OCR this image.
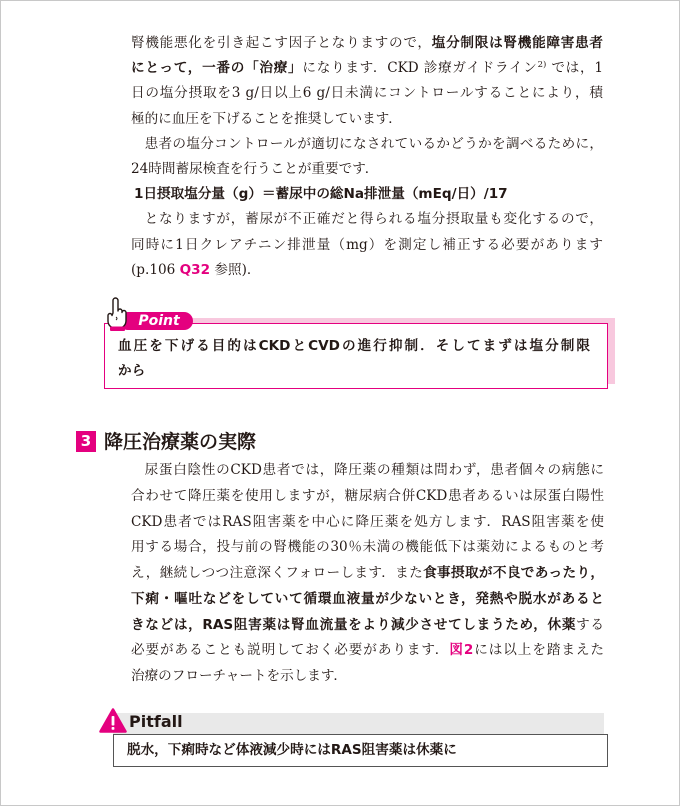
腎機能悪化を引き起こす因子となりますので，塩分制限は腎機能障害患者
にとって，一番の「治療」になります．CKD 診療ガイドライン$^{2)}$ では，1
日の塩分摂取を3 g/日以上6 g/日未満にコントロールすることにより，積
極的に血圧を下げることを推奨しています．
患者の塩分コントロールが適切になされているかどうかを調べるために，
24時間蓄尿検査を行うことが重要です．
1日摂取塩分量（g）＝蓄尿中の総Na排泄量（mEq/日）/17
となりますが，蓄尿が不正確だと得られる塩分摂取量も変化するので，
同時に1日クレアチニン排泄量（mg）を測定し補正する必要があります
(p.106 Q32 参照)．
血圧を下げる目的はCKDとCVDの進行抑制．そしてまずは塩分制限
から
Point
3 降圧治療薬の実際
尿蛋白陰性のCKD患者では，降圧薬の種類は問わず，患者個々の病態に
合わせて降圧薬を使用しますが，糖尿病合併CKD患者あるいは尿蛋白陽性
CKD患者ではRAS阻害薬を中心に降圧薬を処方します．RAS阻害薬を使
用する場合，投与前の腎機能の30％未満の機能低下は薬効によるものと考
え，継続しつつ注意深くフォローします．また食事摂取が不良であったり，
下痢・嘔吐などをしていて循環血液量が少ないとき，発熱や脱水があると
きなどは，RAS阻害薬は腎血流量をより減少させてしまうため，休薬する
必要があることも説明しておく必要があります．図2には以上を踏まえた
治療のフローチャートを示します．
Pitfall
脱水，下痢時など体液減少時にはRAS阻害薬は休薬に
